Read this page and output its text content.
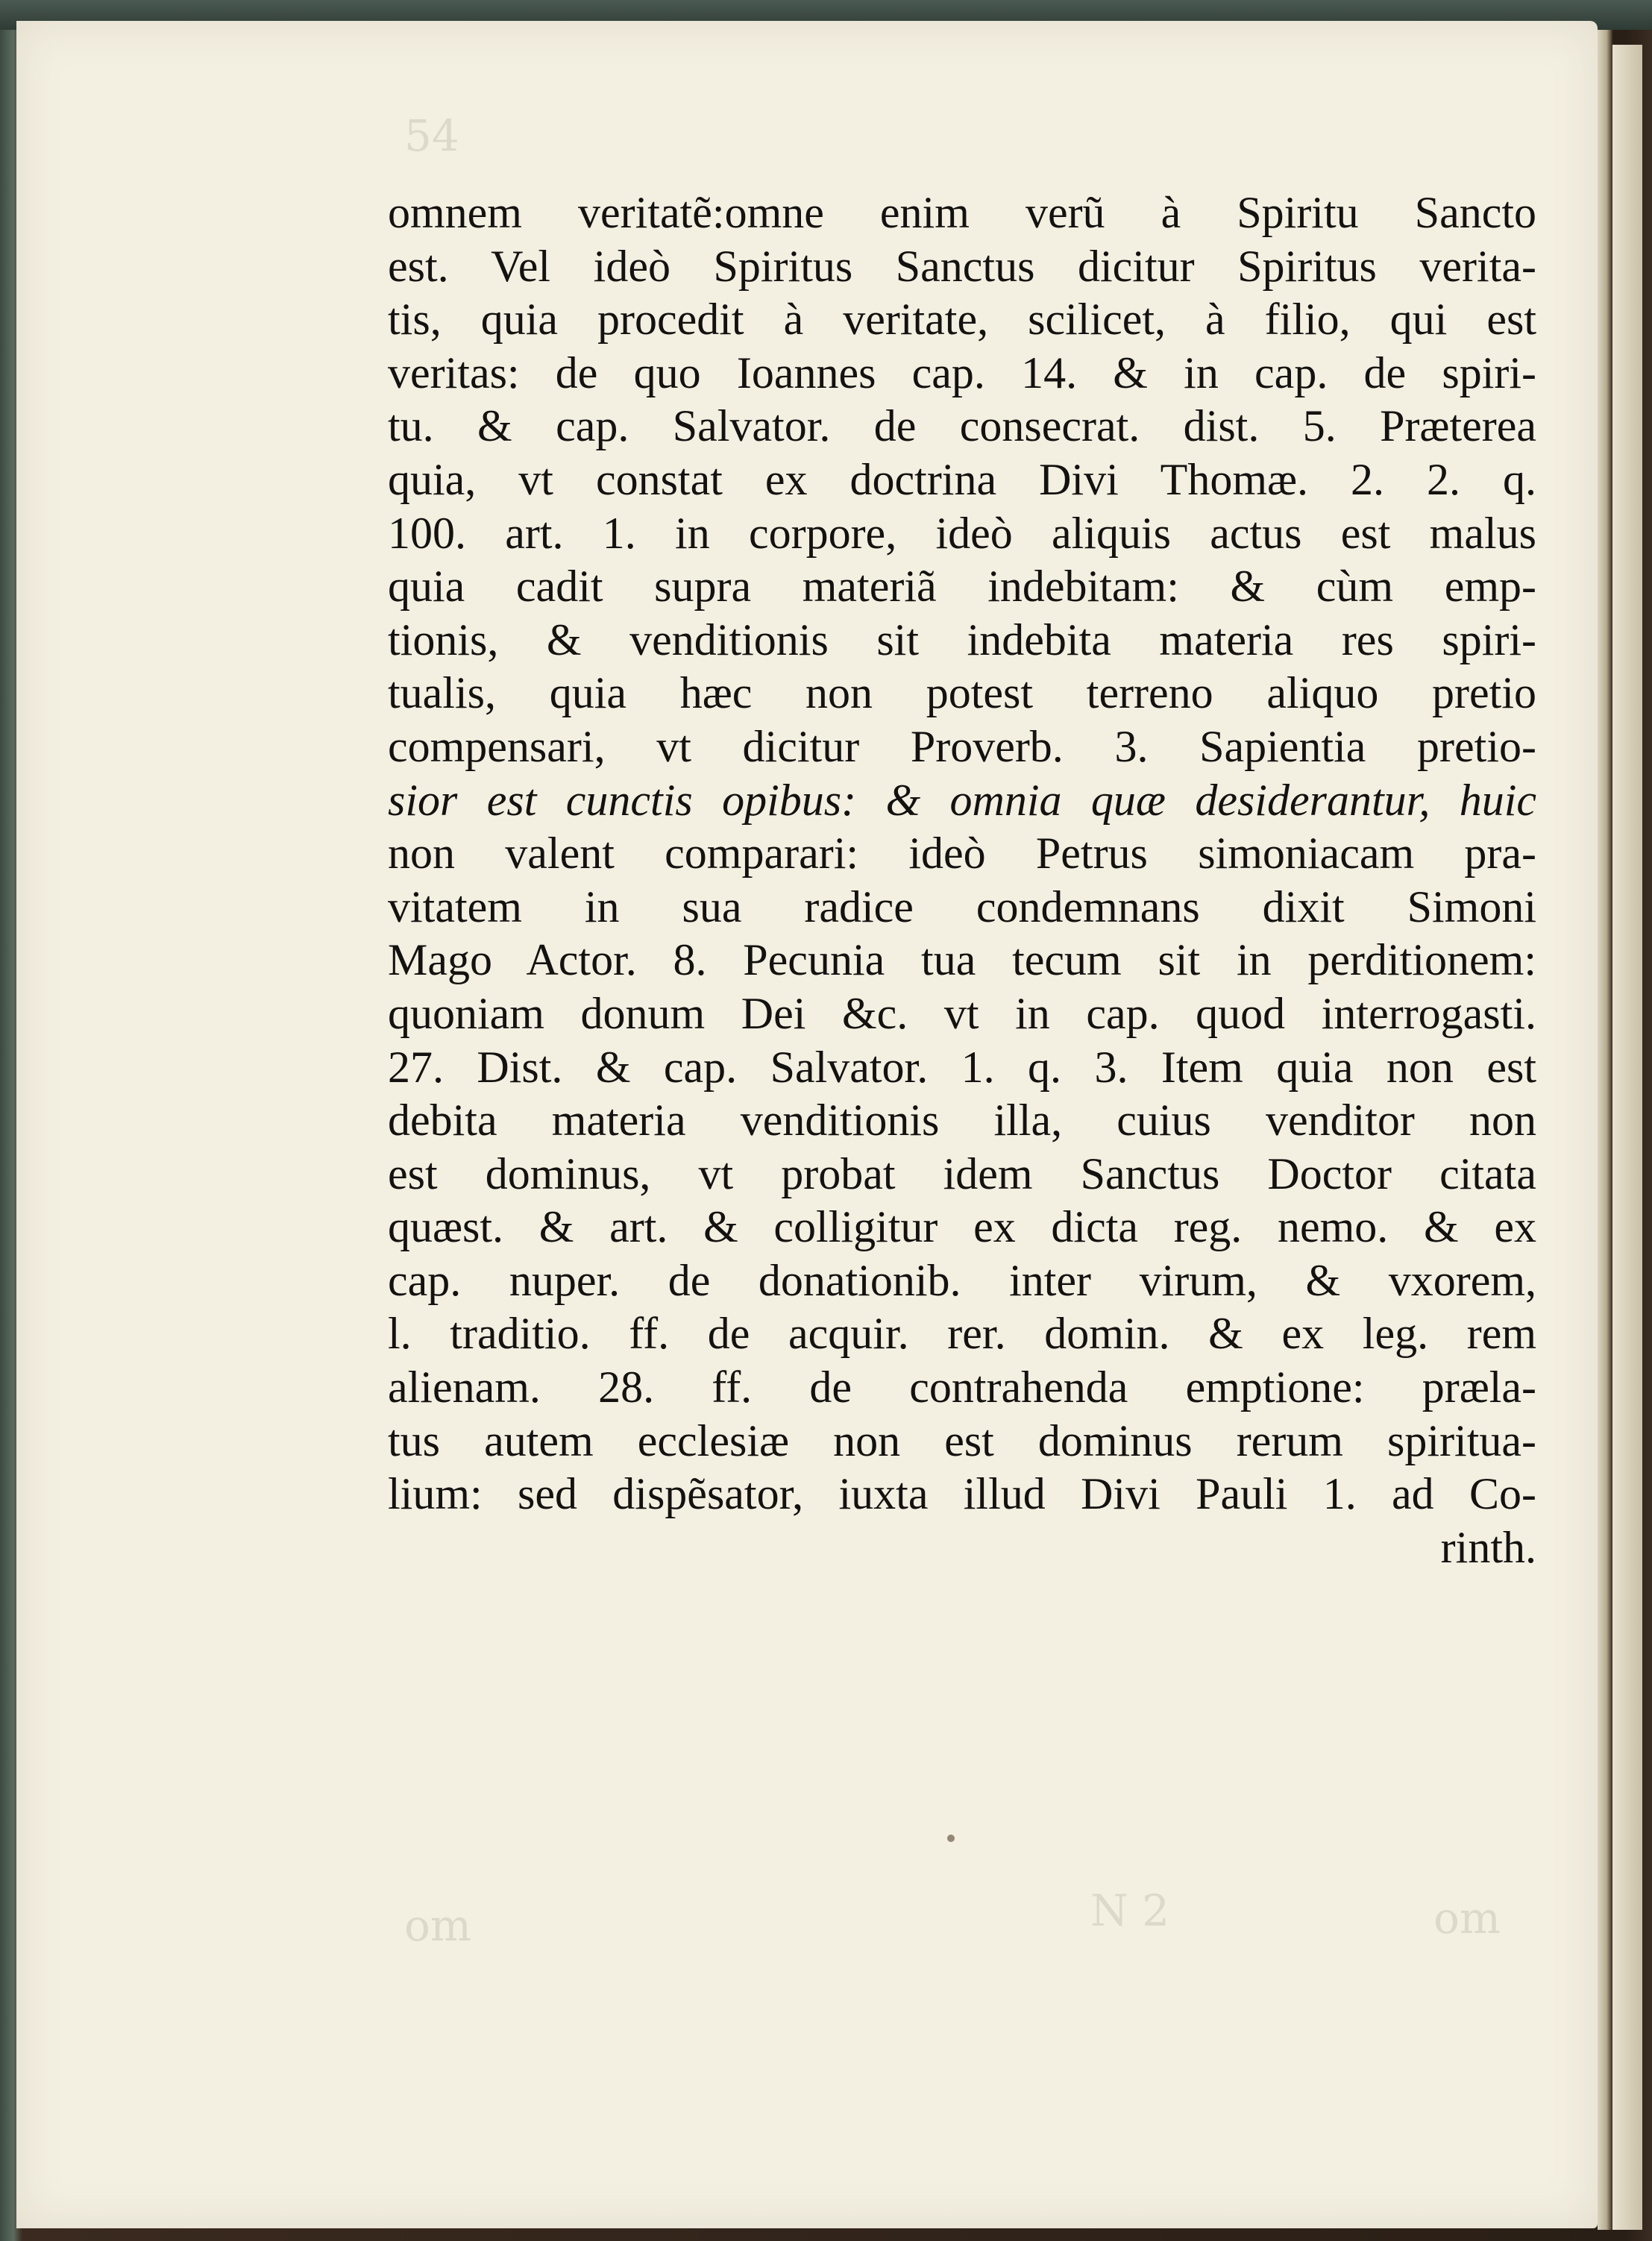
54
om	N 2	om
omnem veritatẽ:omne enim verũ à Spiritu Sancto
est. Vel ideò Spiritus Sanctus dicitur Spiritus verita-
tis, quia procedit à veritate, scilicet, à filio, qui est
veritas: de quo Ioannes cap. 14. & in cap. de spiri-
tu. & cap. Salvator. de consecrat. dist. 5. Præterea
quia, vt constat ex doctrina Divi Thomæ. 2. 2. q.
100. art. 1. in corpore, ideò aliquis actus est malus
quia cadit supra materiã indebitam: & cùm emp-
tionis, & venditionis sit indebita materia res spiri-
tualis, quia hæc non potest terreno aliquo pretio
compensari, vt dicitur Proverb. 3. Sapientia pretio-
sior est cunctis opibus: & omnia quæ desiderantur, huic
non valent comparari: ideò Petrus simoniacam pra-
vitatem in sua radice condemnans dixit Simoni
Mago Actor. 8. Pecunia tua tecum sit in perditionem:
quoniam donum Dei &c. vt in cap. quod interrogasti.
27. Dist. & cap. Salvator. 1. q. 3. Item quia non est
debita materia venditionis illa, cuius venditor non
est dominus, vt probat idem Sanctus Doctor citata
quæst. & art. & colligitur ex dicta reg. nemo. & ex
cap. nuper. de donationib. inter virum, & vxorem,
l. traditio. ff. de acquir. rer. domin. & ex leg. rem
alienam. 28. ff. de contrahenda emptione: præla-
tus autem ecclesiæ non est dominus rerum spiritua-
lium: sed dispẽsator, iuxta illud Divi Pauli 1. ad Co-
rinth.
